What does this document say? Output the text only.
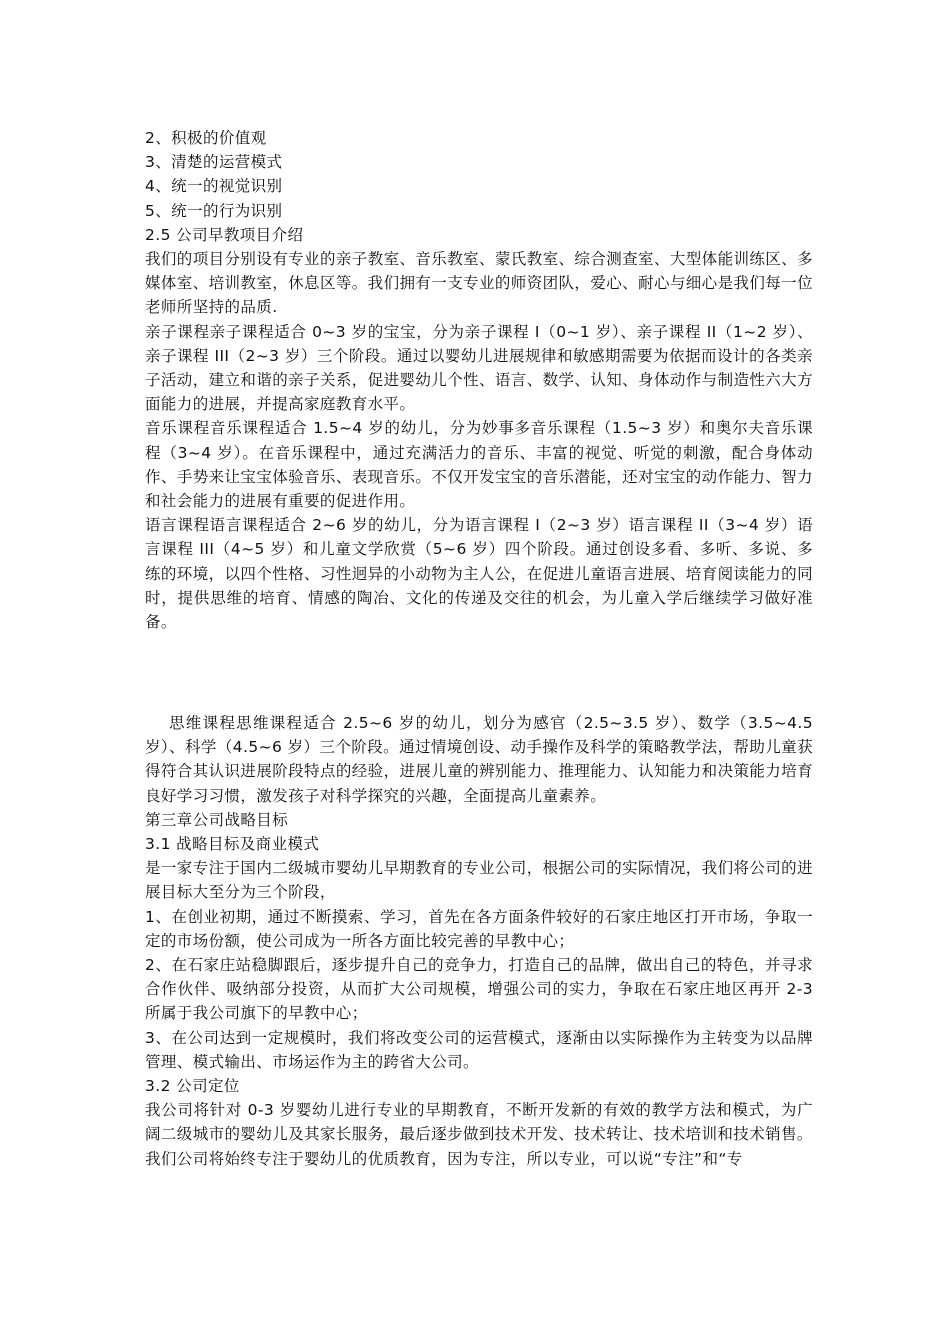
2、积极的价值观

3、清楚的运营模式

4、统一的视觉识别

5、统一的行为识别

2.5 公司早教项目介绍

我们的项目分别设有专业的亲子教室、音乐教室、蒙氏教室、综合测查室、大型体能训练区、多媒体室、培训教室，休息区等。我们拥有一支专业的师资团队，爱心、耐心与细心是我们每一位老师所坚持的品质.

亲子课程亲子课程适合 0~3 岁的宝宝，分为亲子课程 I（0~1 岁）、亲子课程 II（1~2 岁）、亲子课程 III（2~3 岁）三个阶段。通过以婴幼儿进展规律和敏感期需要为依据而设计的各类亲子活动，建立和谐的亲子关系，促进婴幼儿个性、语言、数学、认知、身体动作与制造性六大方面能力的进展，并提高家庭教育水平。

音乐课程音乐课程适合 1.5~4 岁的幼儿，分为妙事多音乐课程（1.5~3 岁）和奥尔夫音乐课程（3~4 岁）。在音乐课程中，通过充满活力的音乐、丰富的视觉、听觉的刺激，配合身体动作、手势来让宝宝体验音乐、表现音乐。不仅开发宝宝的音乐潜能，还对宝宝的动作能力、智力和社会能力的进展有重要的促进作用。

语言课程语言课程适合 2~6 岁的幼儿，分为语言课程 I（2~3 岁）语言课程 II（3~4 岁）语言课程 III（4~5 岁）和儿童文学欣赏（5~6 岁）四个阶段。通过创设多看、多听、多说、多练的环境，以四个性格、习性迥异的小动物为主人公，在促进儿童语言进展、培育阅读能力的同时，提供思维的培育、情感的陶冶、文化的传递及交往的机会，为儿童入学后继续学习做好准备。

思维课程思维课程适合 2.5~6 岁的幼儿，划分为感官（2.5~3.5 岁）、数学（3.5~4.5 岁）、科学（4.5~6 岁）三个阶段。通过情境创设、动手操作及科学的策略教学法，帮助儿童获得符合其认识进展阶段特点的经验，进展儿童的辨别能力、推理能力、认知能力和决策能力培育良好学习习惯，激发孩子对科学探究的兴趣，全面提高儿童素养。

第三章公司战略目标

3.1 战略目标及商业模式

是一家专注于国内二级城市婴幼儿早期教育的专业公司，根据公司的实际情况，我们将公司的进展目标大至分为三个阶段，

1、在创业初期，通过不断摸索、学习，首先在各方面条件较好的石家庄地区打开市场，争取一定的市场份额，使公司成为一所各方面比较完善的早教中心；

2、在石家庄站稳脚跟后，逐步提升自己的竞争力，打造自己的品牌，做出自己的特色，并寻求合作伙伴、吸纳部分投资，从而扩大公司规模，增强公司的实力，争取在石家庄地区再开 2-3 所属于我公司旗下的早教中心；

3、在公司达到一定规模时，我们将改变公司的运营模式，逐渐由以实际操作为主转变为以品牌管理、模式输出、市场运作为主的跨省大公司。

3.2 公司定位

我公司将针对 0-3 岁婴幼儿进行专业的早期教育，不断开发新的有效的教学方法和模式，为广阔二级城市的婴幼儿及其家长服务，最后逐步做到技术开发、技术转让、技术培训和技术销售。

我们公司将始终专注于婴幼儿的优质教育，因为专注，所以专业，可以说“专注”和“专
